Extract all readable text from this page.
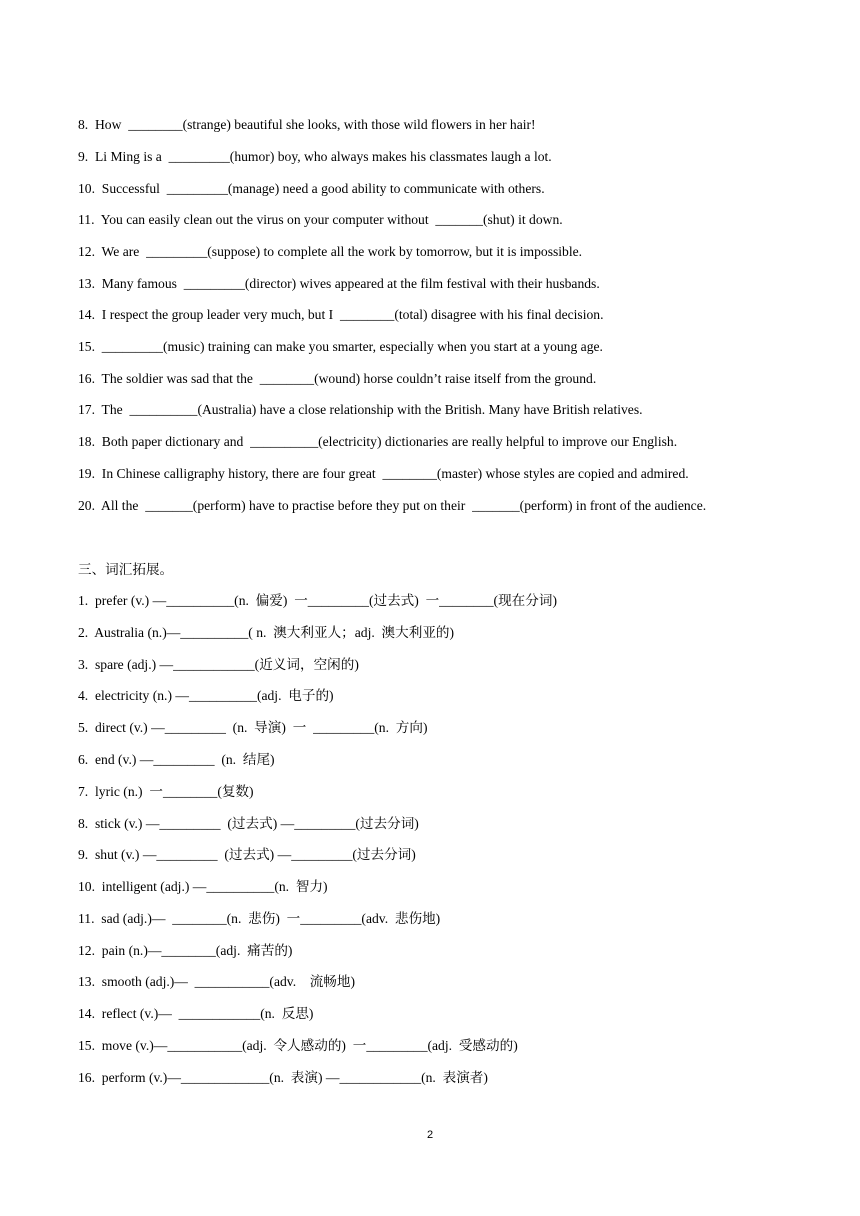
8.  How  ________(strange) beautiful she looks, with those wild flowers in her hair!
9.  Li Ming is a  _________(humor) boy, who always makes his classmates laugh a lot.
10.  Successful  _________(manage) need a good ability to communicate with others.
11.  You can easily clean out the virus on your computer without  _______(shut) it down.
12.  We are  _________(suppose) to complete all the work by tomorrow, but it is impossible.
13.  Many famous  _________(director) wives appeared at the film festival with their husbands.
14.  I respect the group leader very much, but I  ________(total) disagree with his final decision.
15.  _________(music) training can make you smarter, especially when you start at a young age.
16.  The soldier was sad that the  ________(wound) horse couldn’t raise itself from the ground.
17.  The  __________(Australia) have a close relationship with the British. Many have British relatives.
18.  Both paper dictionary and  __________(electricity) dictionaries are really helpful to improve our English.
19.  In Chinese calligraphy history, there are four great  ________(master) whose styles are copied and admired.
20.  All the  _______(perform) have to practise before they put on their  _______(perform) in front of the audience.
三、词汇拓展。
1.  prefer (v.) —__________(n.  偏爱)  一_________(过去式)  一________(现在分词)
2.  Australia (n.)—__________( n.  澳大利亚人；adj.  澳大利亚的)
3.  spare (adj.) —____________(近义词，空闲的)
4.  electricity (n.) —__________(adj.  电子的)
5.  direct (v.) —_________  (n.  导演)  一  _________(n.  方向)
6.  end (v.) —_________  (n.  结尾)
7.  lyric (n.)  一________(复数)
8.  stick (v.) —_________  (过去式) —_________(过去分词)
9.  shut (v.) —_________  (过去式) —_________(过去分词)
10.  intelligent (adj.) —__________(n.  智力)
11.  sad (adj.)—  ________(n.  悲伤)  一_________(adv.  悲伤地)
12.  pain (n.)—________(adj.  痛苦的)
13.  smooth (adj.)—  ___________(adv.    流畅地)
14.  reflect (v.)—  ____________(n.  反思)
15.  move (v.)—___________(adj.  令人感动的)  一_________(adj.  受感动的)
16.  perform (v.)—_____________(n.  表演) —____________(n.  表演者)
2
